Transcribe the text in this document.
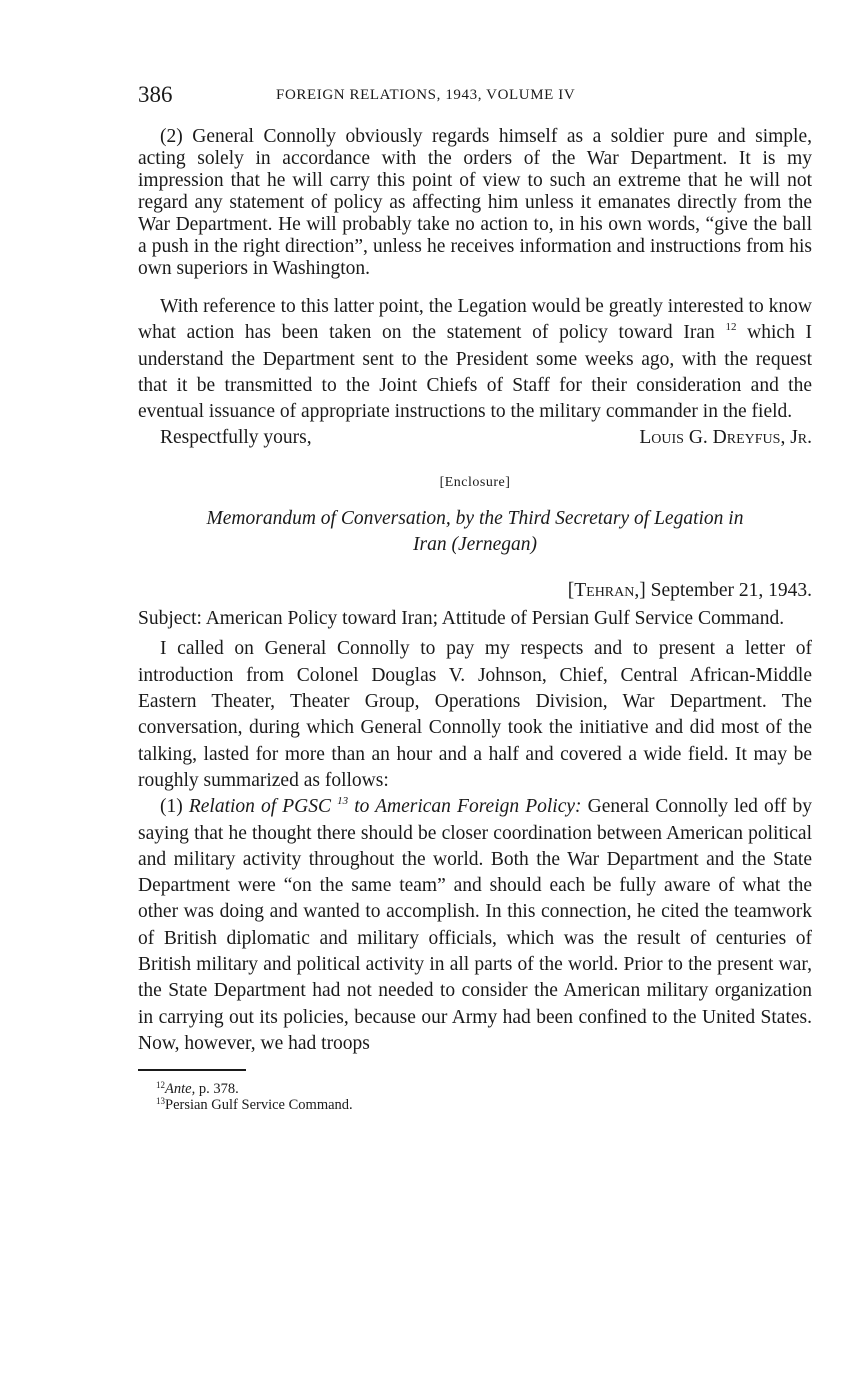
386	FOREIGN RELATIONS, 1943, VOLUME IV

(2) General Connolly obviously regards himself as a soldier pure and simple, acting solely in accordance with the orders of the War Department. It is my impression that he will carry this point of view to such an extreme that he will not regard any statement of policy as affecting him unless it emanates directly from the War Department. He will probably take no action to, in his own words, “give the ball a push in the right direction”, unless he receives information and instructions from his own superiors in Washington.

With reference to this latter point, the Legation would be greatly interested to know what action has been taken on the statement of policy toward Iran $^{12}$ which I understand the Department sent to the President some weeks ago, with the request that it be transmitted to the Joint Chiefs of Staff for their consideration and the eventual issuance of appropriate instructions to the military commander in the field.

Respectfully yours,	Louis G. Dreyfus, Jr.
[Enclosure]
Memorandum of Conversation, by the Third Secretary of Legation in
Iran (Jernegan)
[Tehran,] September 21, 1943.

Subject: American Policy toward Iran; Attitude of Persian Gulf Service Command.

I called on General Connolly to pay my respects and to present a letter of introduction from Colonel Douglas V. Johnson, Chief, Central African-Middle Eastern Theater, Theater Group, Operations Division, War Department. The conversation, during which General Connolly took the initiative and did most of the talking, lasted for more than an hour and a half and covered a wide field. It may be roughly summarized as follows:

(1) Relation of PGSC $^{13}$ to American Foreign Policy: General Connolly led off by saying that he thought there should be closer coordination between American political and military activity throughout the world. Both the War Department and the State Department were “on the same team” and should each be fully aware of what the other was doing and wanted to accomplish. In this connection, he cited the teamwork of British diplomatic and military officials, which was the result of centuries of British military and political activity in all parts of the world. Prior to the present war, the State Department had not needed to consider the American military organization in carrying out its policies, because our Army had been confined to the United States. Now, however, we had troops

$^{12}$Ante, p. 378.
$^{13}$Persian Gulf Service Command.
